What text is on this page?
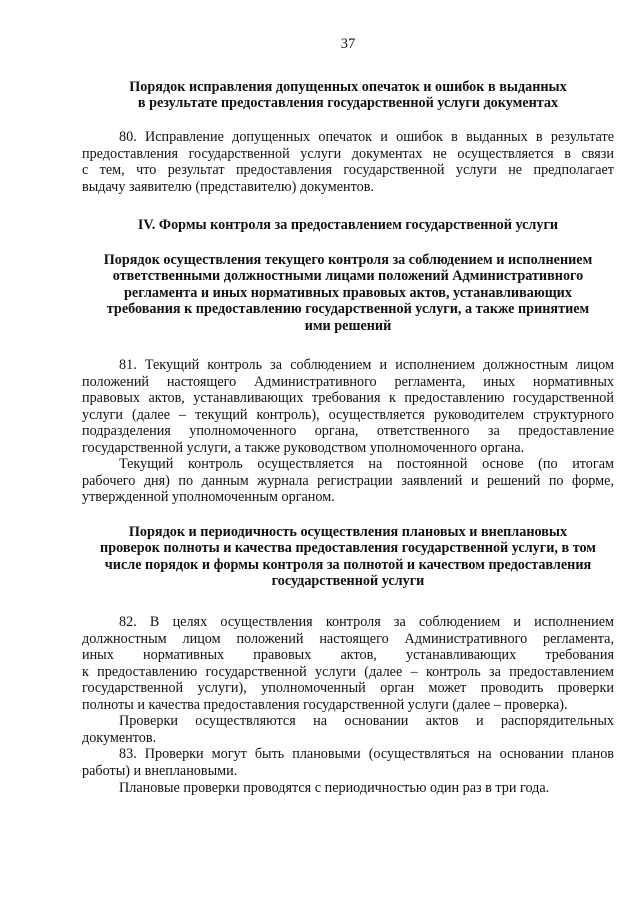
37
Порядок исправления допущенных опечаток и ошибок в выданных
в результате предоставления государственной услуги документах
80. Исправление допущенных опечаток и ошибок в выданных в результате
предоставления государственной услуги документах не осуществляется в связи
с тем, что результат предоставления государственной услуги не предполагает
выдачу заявителю (представителю) документов.
IV. Формы контроля за предоставлением государственной услуги
Порядок осуществления текущего контроля за соблюдением и исполнением
ответственными должностными лицами положений Административного
регламента и иных нормативных правовых актов, устанавливающих
требования к предоставлению государственной услуги, а также принятием
ими решений
81. Текущий контроль за соблюдением и исполнением должностным лицом
положений настоящего Административного регламента, иных нормативных
правовых актов, устанавливающих требования к предоставлению государственной
услуги (далее – текущий контроль), осуществляется руководителем структурного
подразделения уполномоченного органа, ответственного за предоставление
государственной услуги, а также руководством уполномоченного органа.
Текущий контроль осуществляется на постоянной основе (по итогам
рабочего дня) по данным журнала регистрации заявлений и решений по форме,
утвержденной уполномоченным органом.
Порядок и периодичность осуществления плановых и внеплановых
проверок полноты и качества предоставления государственной услуги, в том
числе порядок и формы контроля за полнотой и качеством предоставления
государственной услуги
82. В целях осуществления контроля за соблюдением и исполнением
должностным лицом положений настоящего Административного регламента,
иных нормативных правовых актов, устанавливающих требования
к предоставлению государственной услуги (далее – контроль за предоставлением
государственной услуги), уполномоченный орган может проводить проверки
полноты и качества предоставления государственной услуги (далее – проверка).
Проверки осуществляются на основании актов и распорядительных
документов.
83. Проверки могут быть плановыми (осуществляться на основании планов
работы) и внеплановыми.
Плановые проверки проводятся с периодичностью один раз в три года.
